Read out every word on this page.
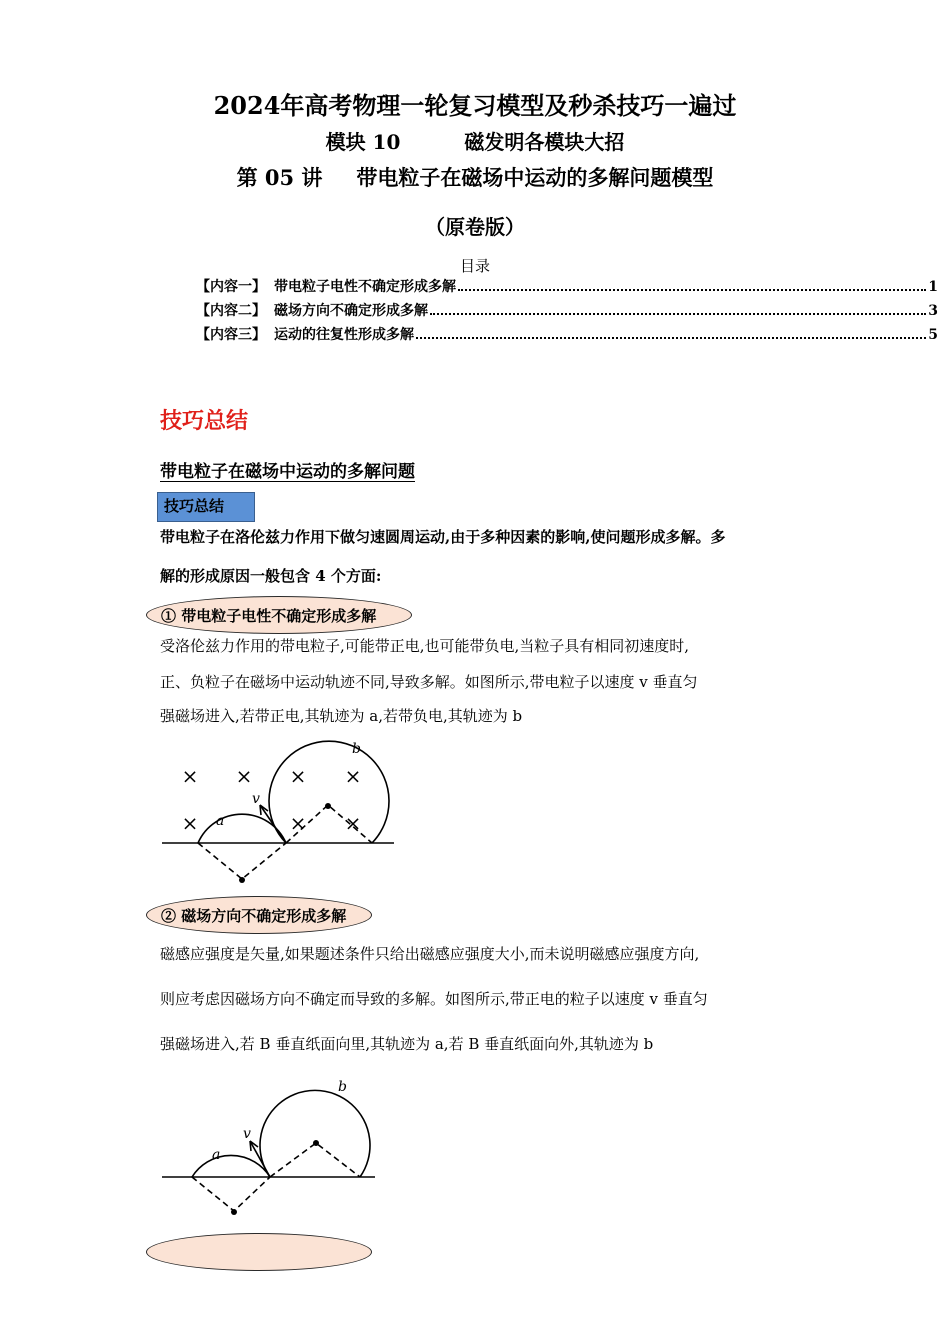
2024年高考物理一轮复习模型及秒杀技巧一遍过
模块 10	磁发明各模块大招
第 05 讲 带电粒子在磁场中运动的多解问题模型
（原卷版）
目录
【内容一】 带电粒子电性不确定形成多解	1
【内容二】 磁场方向不确定形成多解	3
【内容三】 运动的往复性形成多解	5
技巧总结
带电粒子在磁场中运动的多解问题
技巧总结
带电粒子在洛伦兹力作用下做匀速圆周运动,由于多种因素的影响,使问题形成多解。多
解的形成原因一般包含 4 个方面:
① 带电粒子电性不确定形成多解
受洛伦兹力作用的带电粒子,可能带正电,也可能带负电,当粒子具有相同初速度时,
正、负粒子在磁场中运动轨迹不同,导致多解。如图所示,带电粒子以速度 v 垂直匀
强磁场进入,若带正电,其轨迹为 a,若带负电,其轨迹为 b
× × × ×
×	× ×
a
b
v
② 磁场方向不确定形成多解
磁感应强度是矢量,如果题述条件只给出磁感应强度大小,而未说明磁感应强度方向,
则应考虑因磁场方向不确定而导致的多解。如图所示,带正电的粒子以速度 v 垂直匀
强磁场进入,若 B 垂直纸面向里,其轨迹为 a,若 B 垂直纸面向外,其轨迹为 b
a
b
v
